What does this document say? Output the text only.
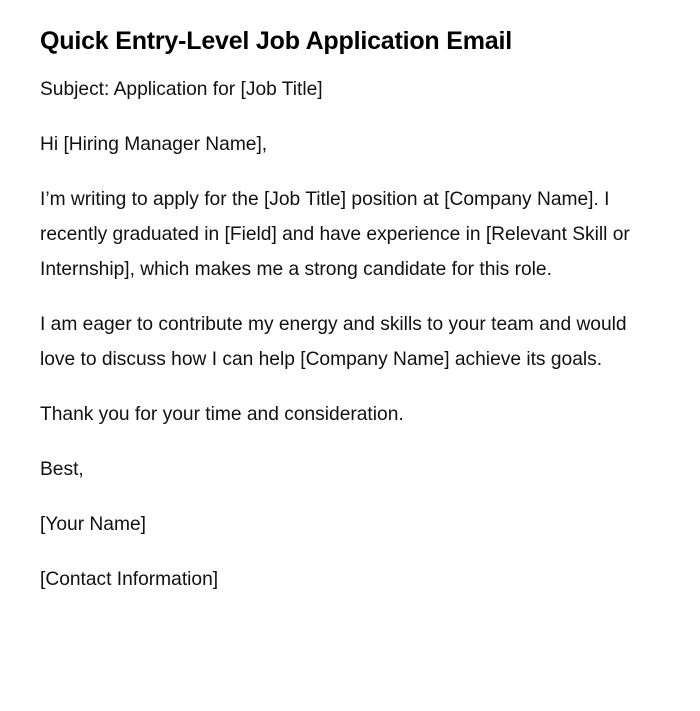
Quick Entry-Level Job Application Email

Subject: Application for [Job Title]

Hi [Hiring Manager Name],

I’m writing to apply for the [Job Title] position at [Company Name]. I recently graduated in [Field] and have experience in [Relevant Skill or Internship], which makes me a strong candidate for this role.

I am eager to contribute my energy and skills to your team and would love to discuss how I can help [Company Name] achieve its goals.

Thank you for your time and consideration.

Best,

[Your Name]

[Contact Information]
